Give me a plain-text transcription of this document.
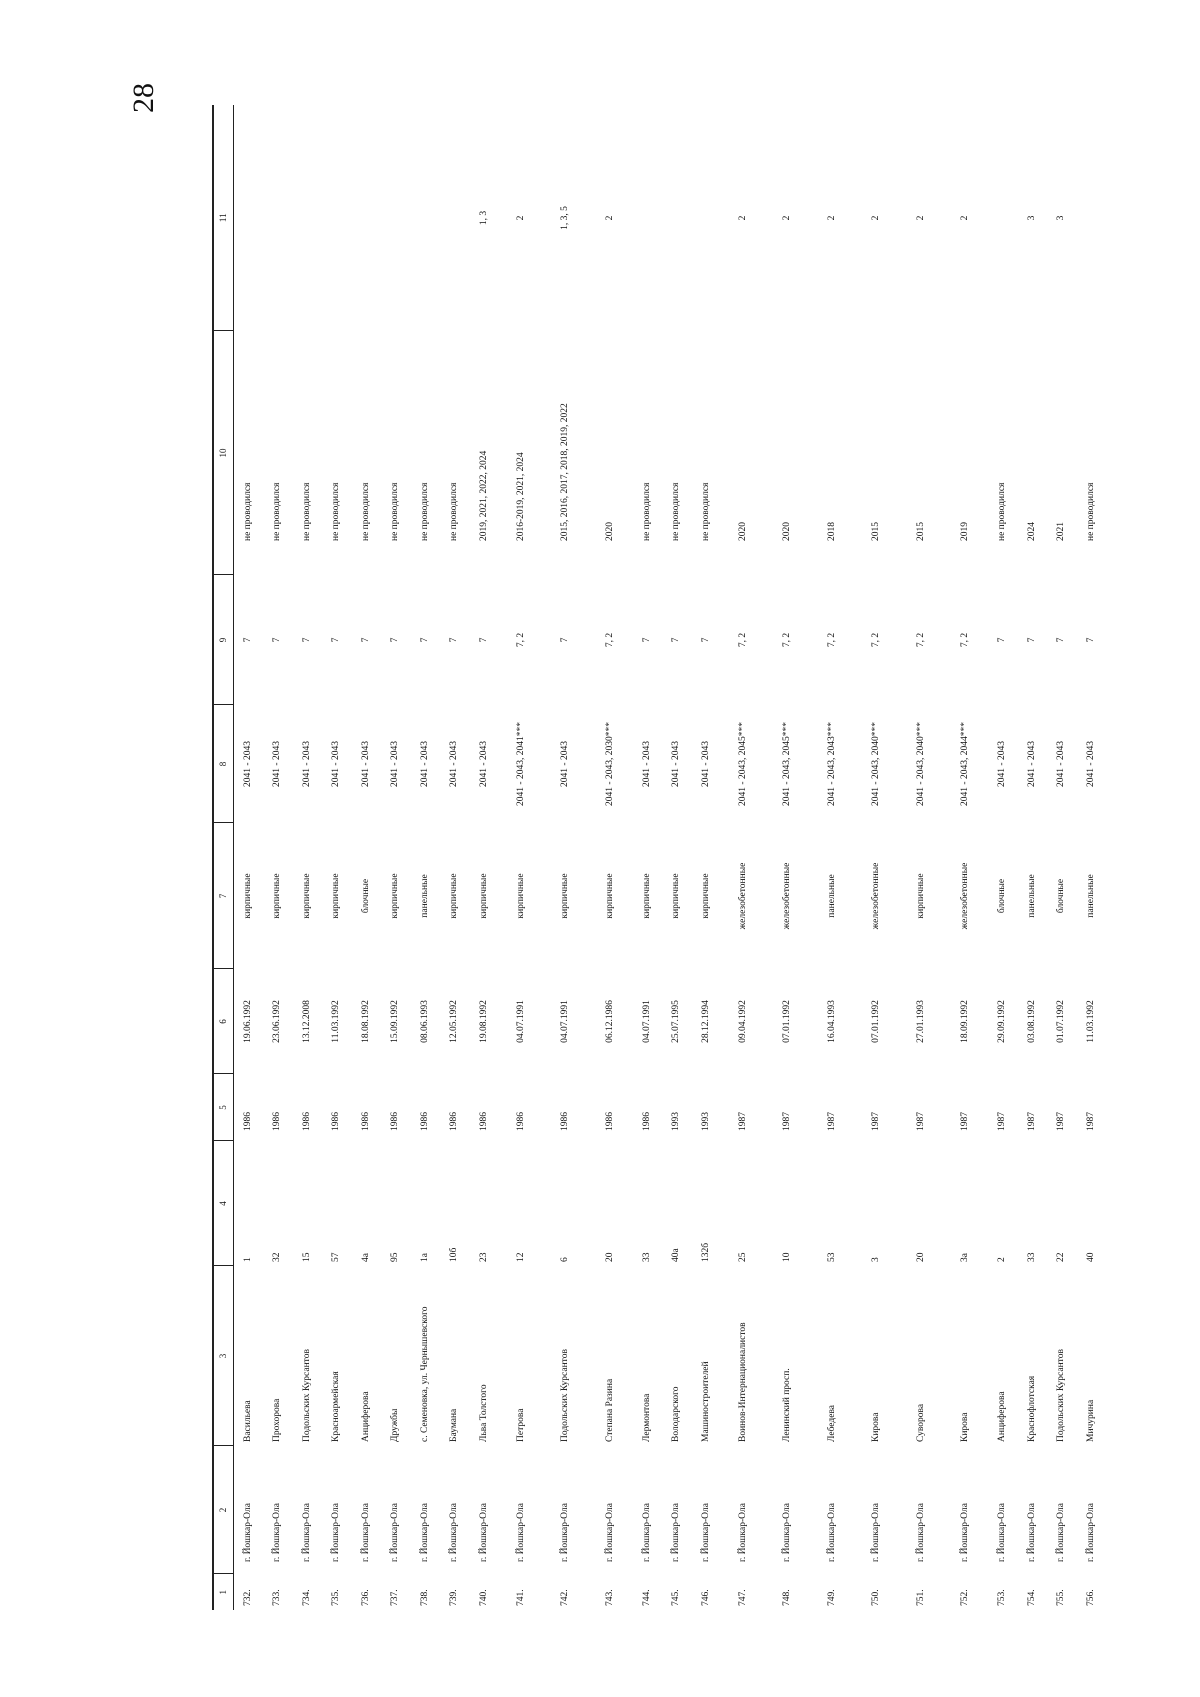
28
1	2	3	4	5	6	7	8	9	10	11
732.	г. Йошкар-Ола	Васильева	1	1986	19.06.1992	кирпичные	2041 - 2043	7	не проводился	
733.	г. Йошкар-Ола	Прохорова	32	1986	23.06.1992	кирпичные	2041 - 2043	7	не проводился	
734.	г. Йошкар-Ола	Подольских Курсантов	15	1986	13.12.2008	кирпичные	2041 - 2043	7	не проводился	
735.	г. Йошкар-Ола	Красноармейская	57	1986	11.03.1992	кирпичные	2041 - 2043	7	не проводился	
736.	г. Йошкар-Ола	Анциферова	4а	1986	18.08.1992	блочные	2041 - 2043	7	не проводился	
737.	г. Йошкар-Ола	Дружбы	95	1986	15.09.1992	кирпичные	2041 - 2043	7	не проводился	
738.	г. Йошкар-Ола	с. Семеновка, ул. Чернышевского	1а	1986	08.06.1993	панельные	2041 - 2043	7	не проводился	
739.	г. Йошкар-Ола	Баумана	10б	1986	12.05.1992	кирпичные	2041 - 2043	7	не проводился	
740.	г. Йошкар-Ола	Льва Толстого	23	1986	19.08.1992	кирпичные	2041 - 2043	7	2019, 2021, 2022, 2024	1, 3
741.	г. Йошкар-Ола	Петрова	12	1986	04.07.1991	кирпичные	2041 - 2043, 2041***	7, 2	2016-2019, 2021, 2024	2
742.	г. Йошкар-Ола	Подольских Курсантов	6	1986	04.07.1991	кирпичные	2041 - 2043	7	2015, 2016, 2017, 2018, 2019, 2022	1, 3, 5
743.	г. Йошкар-Ола	Степана Разина	20	1986	06.12.1986	кирпичные	2041 - 2043, 2030***	7, 2	2020	2
744.	г. Йошкар-Ола	Лермонтова	33	1986	04.07.1991	кирпичные	2041 - 2043	7	не проводился	
745.	г. Йошкар-Ола	Володарского	40а	1993	25.07.1995	кирпичные	2041 - 2043	7	не проводился	
746.	г. Йошкар-Ола	Машиностроителей	132б	1993	28.12.1994	кирпичные	2041 - 2043	7	не проводился	
747.	г. Йошкар-Ола	Воинов-Интернационалистов	25	1987	09.04.1992	железобетонные	2041 - 2043, 2045***	7, 2	2020	2
748.	г. Йошкар-Ола	Ленинский просп.	10	1987	07.01.1992	железобетонные	2041 - 2043, 2045***	7, 2	2020	2
749.	г. Йошкар-Ола	Лебедева	53	1987	16.04.1993	панельные	2041 - 2043, 2043***	7, 2	2018	2
750.	г. Йошкар-Ола	Кирова	3	1987	07.01.1992	железобетонные	2041 - 2043, 2040***	7, 2	2015	2
751.	г. Йошкар-Ола	Суворова	20	1987	27.01.1993	кирпичные	2041 - 2043, 2040***	7, 2	2015	2
752.	г. Йошкар-Ола	Кирова	3а	1987	18.09.1992	железобетонные	2041 - 2043, 2044***	7, 2	2019	2
753.	г. Йошкар-Ола	Анциферова	2	1987	29.09.1992	блочные	2041 - 2043	7	не проводился	
754.	г. Йошкар-Ола	Краснофлотская	33	1987	03.08.1992	панельные	2041 - 2043	7	2024	3
755.	г. Йошкар-Ола	Подольских Курсантов	22	1987	01.07.1992	блочные	2041 - 2043	7	2021	3
756.	г. Йошкар-Ола	Мичурина	40	1987	11.03.1992	панельные	2041 - 2043	7	не проводился	
